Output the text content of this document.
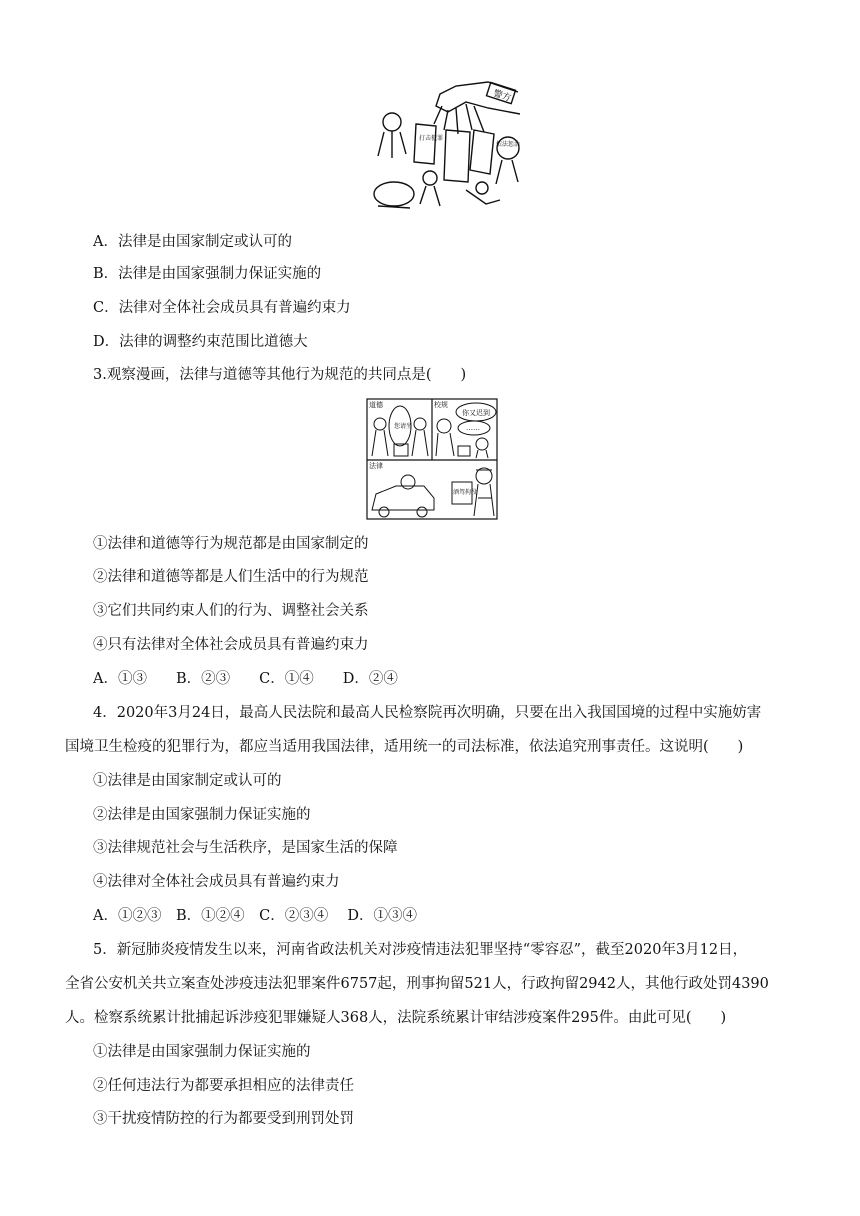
警方
打击犯罪
依法惩治
A．法律是由国家制定或认可的
B．法律是由国家强制力保证实施的
C．法律对全体社会成员具有普遍约束力
D．法律的调整约束范围比道德大
3.观察漫画，法律与道德等其他行为规范的共同点是(　　)
道德	校规
法律
你又迟到
……
您请坐
酒驾拘役
①法律和道德等行为规范都是由国家制定的
②法律和道德等都是人们生活中的行为规范
③它们共同约束人们的行为、调整社会关系
④只有法律对全体社会成员具有普遍约束力
A．①③　　B．②③　　C．①④　　D．②④
4．2020年3月24日，最高人民法院和最高人民检察院再次明确，只要在出入我国国境的过程中实施妨害
国境卫生检疫的犯罪行为，都应当适用我国法律，适用统一的司法标准，依法追究刑事责任。这说明(　　)
①法律是由国家制定或认可的
②法律是由国家强制力保证实施的
③法律规范社会与生活秩序，是国家生活的保障
④法律对全体社会成员具有普遍约束力
A．①②③　B．①②④　C．②③④　 D．①③④
5．新冠肺炎疫情发生以来，河南省政法机关对涉疫情违法犯罪坚持“零容忍”，截至2020年3月12日，
全省公安机关共立案查处涉疫违法犯罪案件6757起，刑事拘留521人，行政拘留2942人，其他行政处罚4390
人。检察系统累计批捕起诉涉疫犯罪嫌疑人368人，法院系统累计审结涉疫案件295件。由此可见(　　)
①法律是由国家强制力保证实施的
②任何违法行为都要承担相应的法律责任
③干扰疫情防控的行为都要受到刑罚处罚
